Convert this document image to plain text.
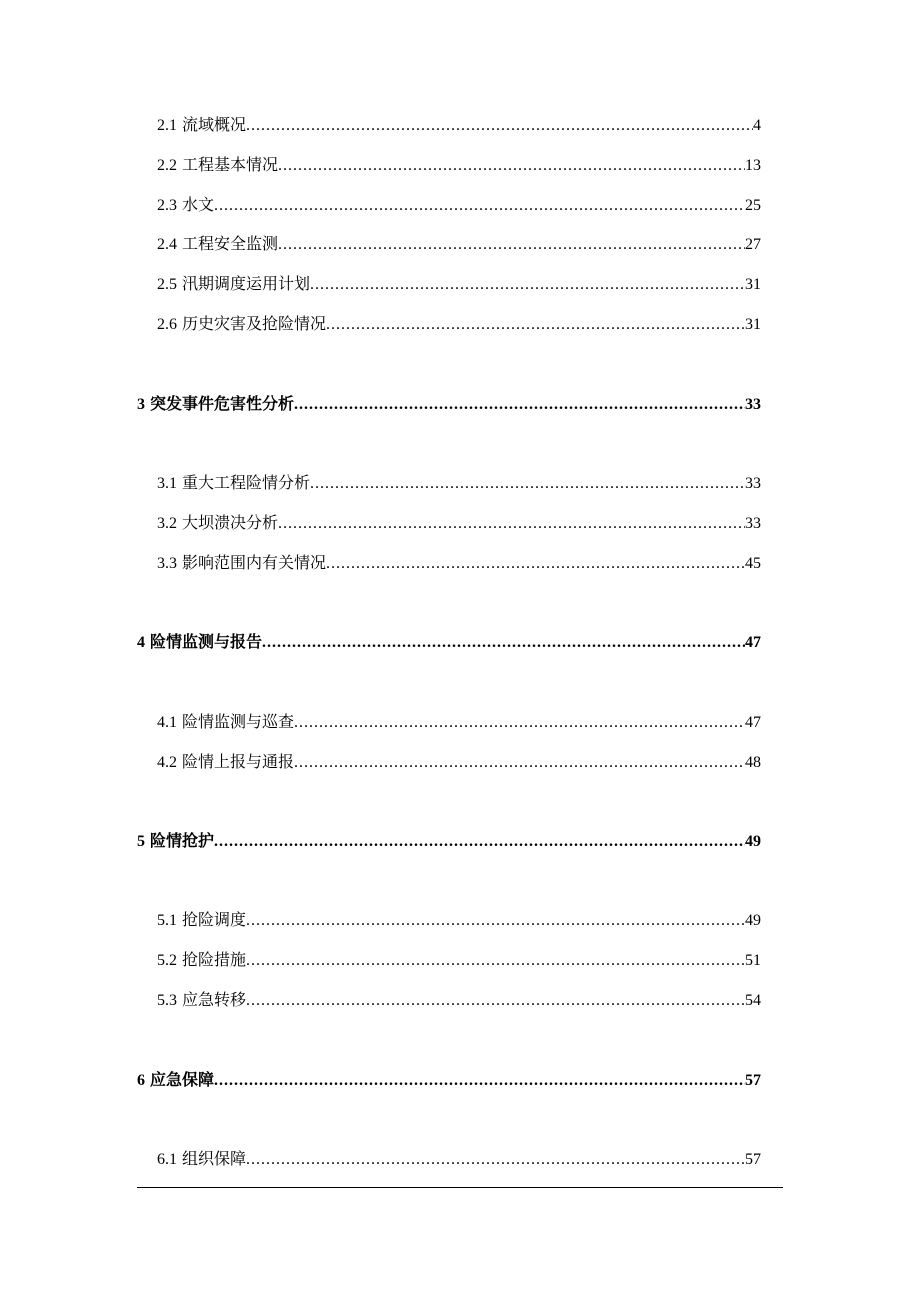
2.1 流域概况 .....	4
2.2 工程基本情况 .....	13
2.3 水文 .....	25
2.4 工程安全监测 .....	27
2.5 汛期调度运用计划 .....	31
2.6 历史灾害及抢险情况 .....	31
3 突发事件危害性分析 .....	33
3.1 重大工程险情分析 .....	33
3.2 大坝溃决分析 .....	33
3.3 影响范围内有关情况 .....	45
4 险情监测与报告 .....	47
4.1 险情监测与巡查 .....	47
4.2 险情上报与通报 .....	48
5 险情抢护 .....	49
5.1 抢险调度 .....	49
5.2 抢险措施 .....	51
5.3 应急转移 .....	54
6 应急保障 .....	57
6.1 组织保障 .....	57
